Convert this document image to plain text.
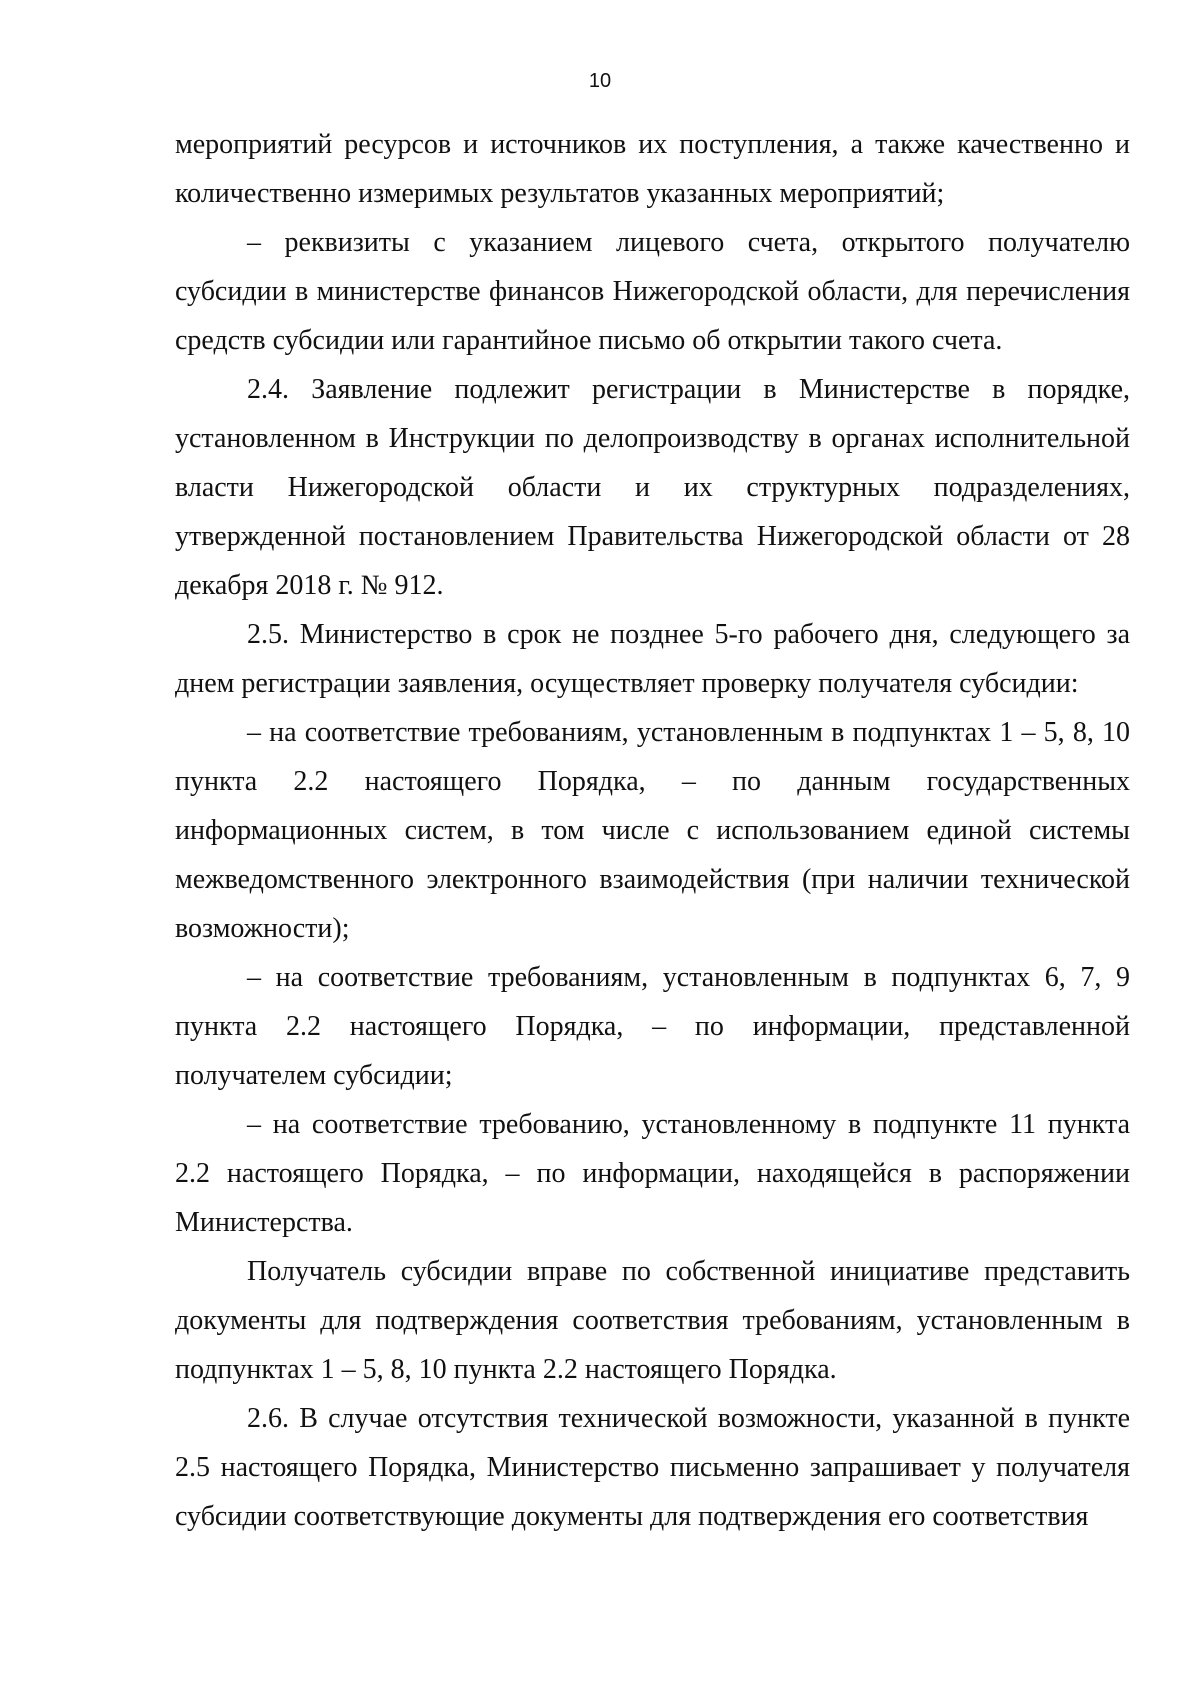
10

мероприятий ресурсов и источников их поступления, а также качественно и количественно измеримых результатов указанных мероприятий;

– реквизиты с указанием лицевого счета, открытого получателю субсидии в министерстве финансов Нижегородской области, для перечисления средств субсидии или гарантийное письмо об открытии такого счета.

2.4. Заявление подлежит регистрации в Министерстве в порядке, установленном в Инструкции по делопроизводству в органах исполнительной власти Нижегородской области и их структурных подразделениях, утвержденной постановлением Правительства Нижегородской области от 28 декабря 2018 г. № 912.

2.5. Министерство в срок не позднее 5-го рабочего дня, следующего за днем регистрации заявления, осуществляет проверку получателя субсидии:

– на соответствие требованиям, установленным в подпунктах 1 – 5, 8, 10 пункта 2.2 настоящего Порядка, – по данным государственных информационных систем, в том числе с использованием единой системы межведомственного электронного взаимодействия (при наличии технической возможности);

– на соответствие требованиям, установленным в подпунктах 6, 7, 9 пункта 2.2 настоящего Порядка, – по информации, представленной получателем субсидии;

– на соответствие требованию, установленному в подпункте 11 пункта 2.2 настоящего Порядка, – по информации, находящейся в распоряжении Министерства.

Получатель субсидии вправе по собственной инициативе представить документы для подтверждения соответствия требованиям, установленным в подпунктах 1 – 5, 8, 10 пункта 2.2 настоящего Порядка.

2.6. В случае отсутствия технической возможности, указанной в пункте 2.5 настоящего Порядка, Министерство письменно запрашивает у получателя субсидии соответствующие документы для подтверждения его соответствия
